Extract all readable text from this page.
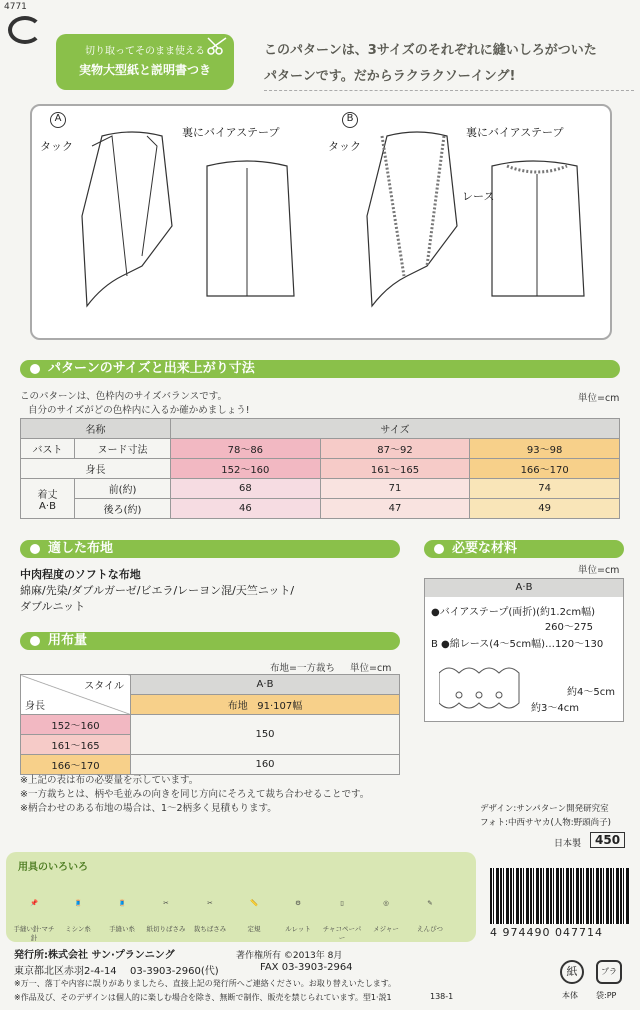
4771
切り取ってそのまま使える
実物大型紙と説明書つき
このパターンは、3サイズのそれぞれに縫いしろがついた
パターンです。だからラクラクソーイング!
A	B
タック
裏にバイアステープ
タック
裏にバイアステープ
レース
パターンのサイズと出来上がり寸法
このパターンは、色枠内のサイズバランスです。
自分のサイズがどの色枠内に入るか確かめましょう!
単位=cm
名称		サイズ		
バスト	ヌード寸法	78〜86	87〜92	93〜98
身長		152〜160	161〜165	166〜170
着丈
A·B	前(約)	68	71	74
	後ろ(約)	46	47	49
適した布地
中肉程度のソフトな布地
綿麻/先染/ダブルガーゼ/ビエラ/レーヨン混/天竺ニット/
ダブルニット
必要な材料
単位=cm
A·B
●バイアステープ(両折)(約1.2cm幅)
260〜275
B ●綿レース(4〜5cm幅)…120〜130
約4〜5cm
約3〜4cm
用布量
布地=一方裁ち 単位=cm
スタイル
身長	A·B
	布地 91·107幅
152〜160	150
161〜165	
166〜170	160
※上記の表は布の必要量を示しています。
※一方裁ちとは、柄や毛並みの向きを同じ方向にそろえて裁ち合わせることです。
※柄合わせのある布地の場合は、1〜2柄多く見積もります。	デザイン:サンパターン開発研究室
フォト:中西サヤカ(人物:野頭尚子)
日本製	450
用具のいろいろ
📌
手縫い針·マチ針
🧵
ミシン糸
🧵
手縫い糸
✂
紙切りばさみ
✂
裁ちばさみ
📏
定規
⚙
ルレット
▯
チャコペーパー
◎
メジャー
✎
えんぴつ	4 974490 047714
発行所:株式会社 サン·プランニング	著作権所有 ©2013年 8月
東京都北区赤羽2-4-14 03-3903-2960(代)	FAX 03-3903-2964
※万一、落丁や内容に誤りがありましたら、直接上記の発行所へご連絡ください。お取り替えいたします。
※作品及び、そのデザインは個人的に楽しむ場合を除き、無断で制作、販売を禁じられています。型1·説1	138-1
紙	プラ
本体 袋:PP
